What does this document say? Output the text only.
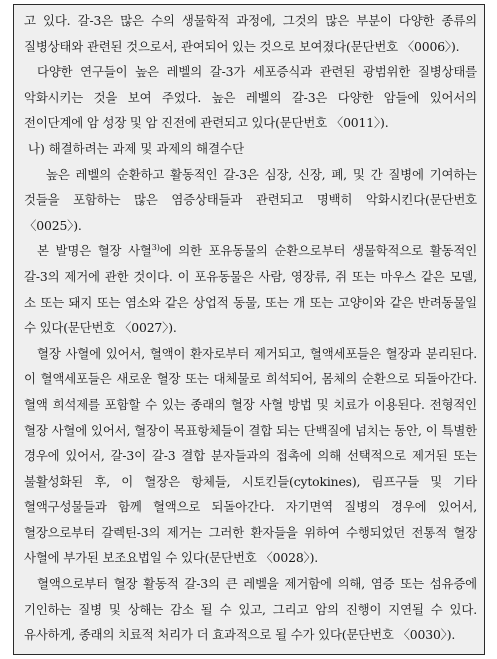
고 있다. 갈-3은 많은 수의 생물학적 과정에, 그것의 많은 부분이 다양한 종류의 질병상태와 관련된 것으로서, 관여되어 있는 것으로 보여졌다(문단번호 〈0006〉).

다양한 연구들이 높은 레벨의 갈-3가 세포증식과 관련된 광범위한 질병상태를 악화시키는 것을 보여 주었다. 높은 레벨의 갈-3은 다양한 암들에 있어서의 전이단계에 암 성장 및 암 진전에 관련되고 있다(문단번호 〈0011〉).

나) 해결하려는 과제 및 과제의 해결수단

높은 레벨의 순환하고 활동적인 갈-3은 심장, 신장, 폐, 및 간 질병에 기여하는 것들을 포함하는 많은 염증상태들과 관련되고 명백히 악화시킨다(문단번호 〈0025〉).

본 발명은 혈장 사혈$^{3)}$에 의한 포유동물의 순환으로부터 생물학적으로 활동적인 갈-3의 제거에 관한 것이다. 이 포유동물은 사람, 영장류, 쥐 또는 마우스 같은 모델, 소 또는 돼지 또는 염소와 같은 상업적 동물, 또는 개 또는 고양이와 같은 반려동물일 수 있다(문단번호 〈0027〉).

혈장 사혈에 있어서, 혈액이 환자로부터 제거되고, 혈액세포들은 혈장과 분리된다. 이 혈액세포들은 새로운 혈장 또는 대체물로 희석되어, 몸체의 순환으로 되돌아간다. 혈액 희석제를 포함할 수 있는 종래의 혈장 사혈 방법 및 치료가 이용된다. 전형적인 혈장 사혈에 있어서, 혈장이 목표항체들이 결합 되는 단백질에 넘치는 동안, 이 특별한 경우에 있어서, 갈-3이 갈-3 결합 분자들과의 접촉에 의해 선택적으로 제거된 또는 불활성화된 후, 이 혈장은 항체들, 시토킨들(cytokines), 림프구들 및 기타 혈액구성물들과 함께 혈액으로 되돌아간다. 자기면역 질병의 경우에 있어서, 혈장으로부터 갈렉틴-3의 제거는 그러한 환자들을 위하여 수행되었던 전통적 혈장 사혈에 부가된 보조요법일 수 있다(문단번호 〈0028〉).

혈액으로부터 혈장 활동적 갈-3의 큰 레벨을 제거함에 의해, 염증 또는 섬유증에 기인하는 질병 및 상해는 감소 될 수 있고, 그리고 암의 진행이 지연될 수 있다. 유사하게, 종래의 치료적 처리가 더 효과적으로 될 수가 있다(문단번호 〈0030〉).
